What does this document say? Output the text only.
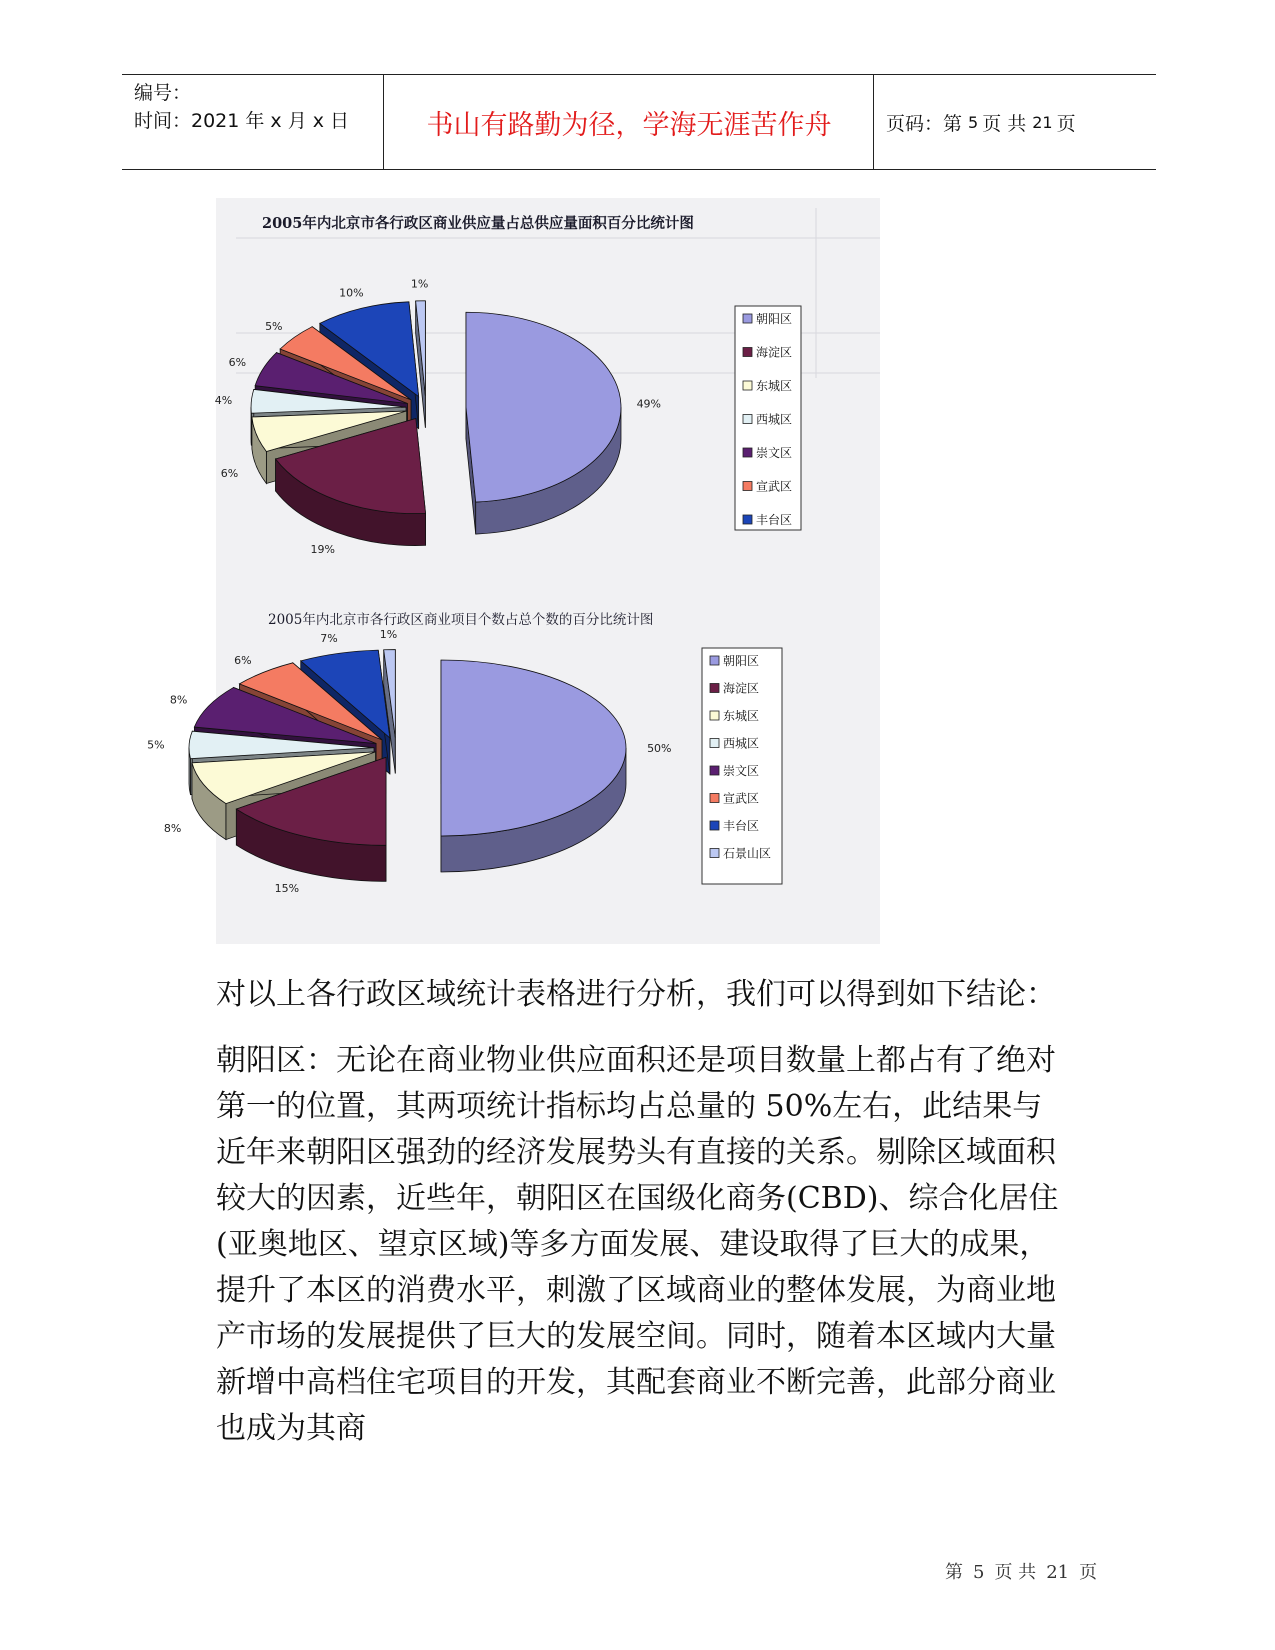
编号：
时间：2021 年 x 月 x 日	书山有路勤为径，学海无涯苦作舟	页码：第 5 页 共 21 页
2005年内北京市各行政区商业供应量占总供应量面积百分比统计图
49%
19%
6%
4%
6%
5%
10%
1%
朝阳区
海淀区
东城区
西城区
崇文区
宣武区
丰台区
2005年内北京市各行政区商业项目个数占总个数的百分比统计图
50%
15%
8%
5%
8%
6%
7%	1%
朝阳区
海淀区
东城区
西城区
崇文区
宣武区
丰台区
石景山区

对以上各行政区域统计表格进行分析，我们可以得到如下结论：

朝阳区：无论在商业物业供应面积还是项目数量上都占有了绝对第一的位置，其两项统计指标均占总量的 50%左右，此结果与近年来朝阳区强劲的经济发展势头有直接的关系。剔除区域面积较大的因素，近些年，朝阳区在国级化商务(CBD)、综合化居住(亚奥地区、望京区域)等多方面发展、建设取得了巨大的成果，提升了本区的消费水平，刺激了区域商业的整体发展，为商业地产市场的发展提供了巨大的发展空间。同时，随着本区域内大量新增中高档住宅项目的开发，其配套商业不断完善，此部分商业也成为其商

第 5 页 共 21 页
